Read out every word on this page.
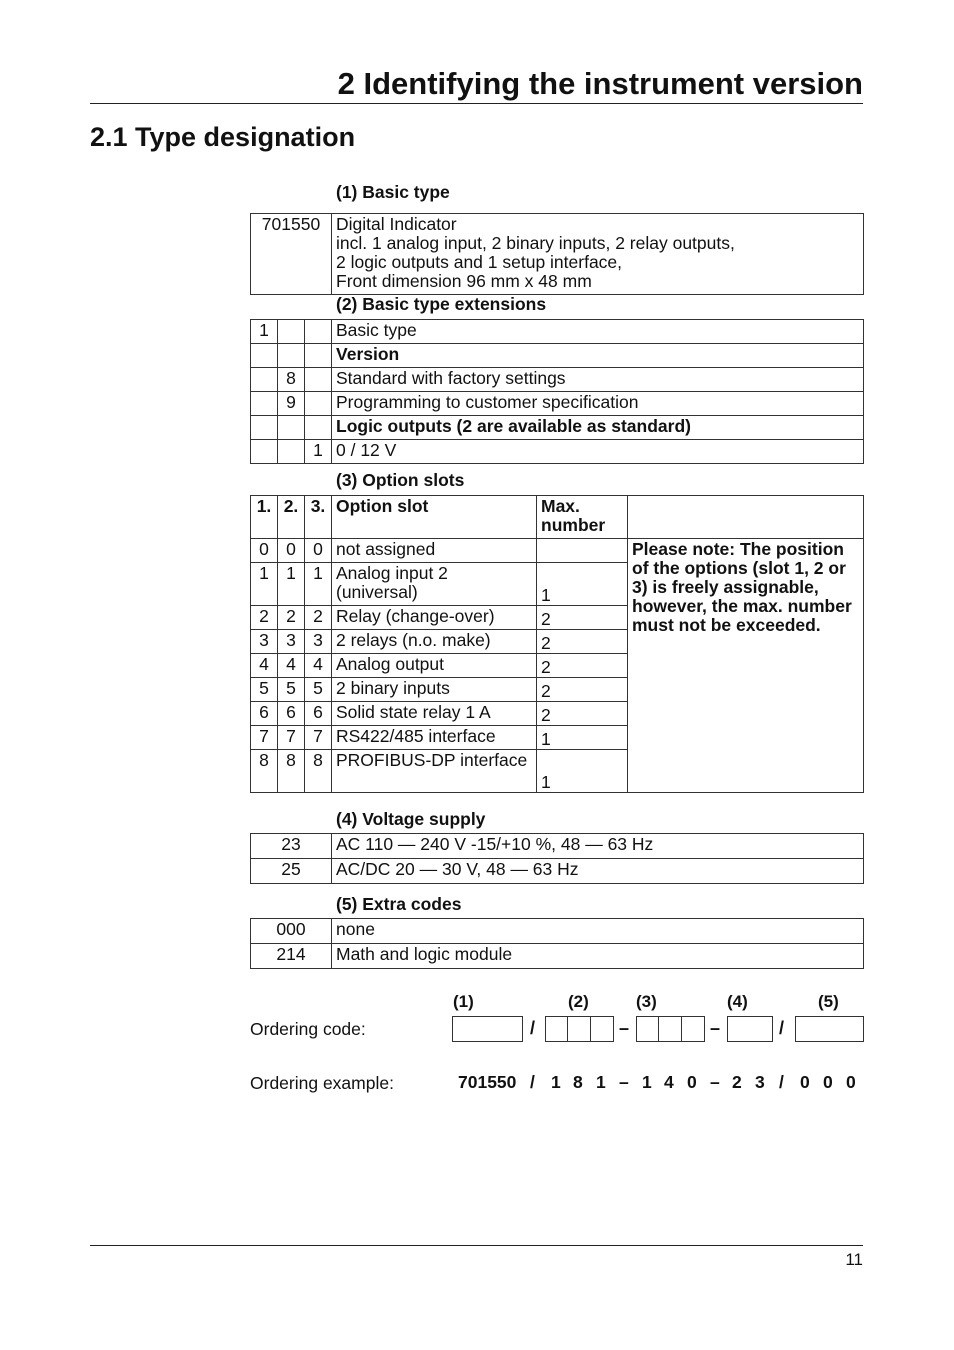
2 Identifying the instrument version
2.1 Type designation
(1) Basic type
701550	Digital Indicator
incl. 1 analog input, 2 binary inputs, 2 relay outputs,
2 logic outputs and 1 setup interface,
Front dimension 96 mm x 48 mm
(2) Basic type extensions
1			Basic type
			Version
	8		Standard with factory settings
	9		Programming to customer specification
			Logic outputs (2 are available as standard)
		1	0 / 12 V
(3) Option slots
1.	2.	3.	Option slot	Max. number	
0	0	0	not assigned		Please note: The position of the options (slot 1, 2 or 3) is freely assignable, however, the max. number must not be exceeded.
1	1	1	Analog input 2 (universal)	1	
2	2	2	Relay (change-over)	2	
3	3	3	2 relays (n.o. make)	2	
4	4	4	Analog output	2	
5	5	5	2 binary inputs	2	
6	6	6	Solid state relay 1 A	2	
7	7	7	RS422/485 interface	1	
8	8	8	PROFIBUS-DP interface	1	
(4) Voltage supply
23	AC 110 — 240 V -15/+10 %, 48 — 63 Hz
25	AC/DC 20 — 30 V, 48 — 63 Hz
(5) Extra codes
000	none
214	Math and logic module
(1)	(2)	(3)	(4)	(5)
Ordering code:	/	–	–	/
Ordering example:	701550 / 1 8 1 – 1 4 0 – 2 3 / 0 0 0
11
